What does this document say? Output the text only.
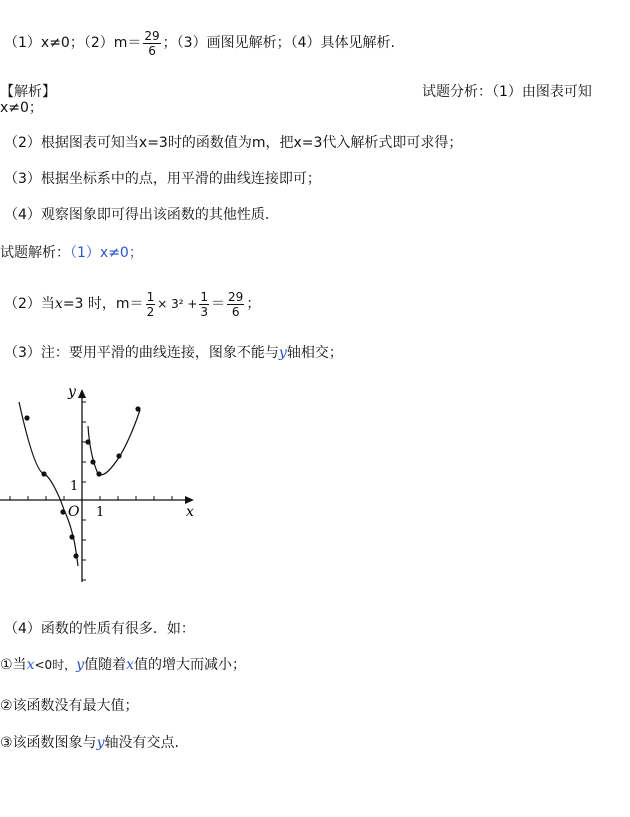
（1）x≠0；$(2)m= \frac{29}{6}$ ；（3）画图见解析；（4）具体见解析.
【解析】	试题分析：（1）由图表可知
x≠0；
（2）根据图表可知当x=3时的函数值为m，把x=3代入解析式即可求得；
（3）根据坐标系中的点，用平滑的曲线连接即可；
（4）观察图象即可得出该函数的其他性质.
试题解析：（1）x≠0；
（2）当x=3 时，$m= \frac{1}{2} \times 3^2 + \frac{1}{3} = \frac{29}{6}$ ；
（3）注：要用平滑的曲线连接，图象不能与y轴相交；
y
x
O 1
1
（4）函数的性质有很多．如：
①当x<0时，y值随着x值的增大而减小；
②该函数没有最大值；
③该函数图象与y轴没有交点.
